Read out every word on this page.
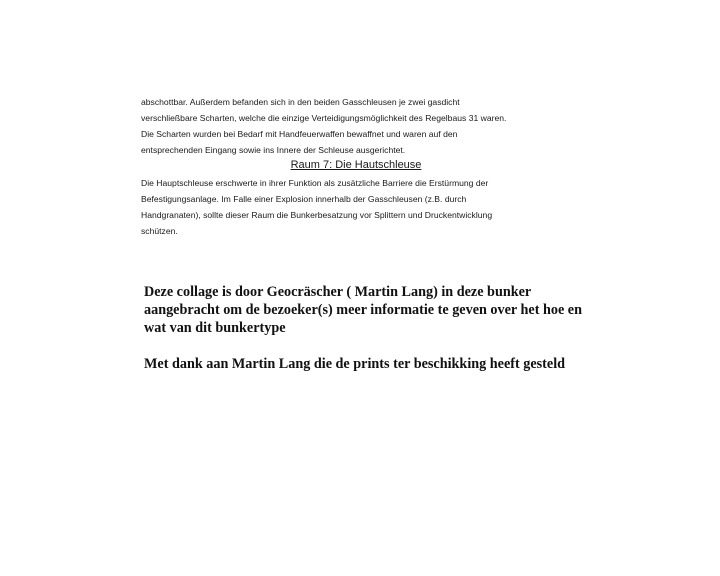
abschottbar. Außerdem befanden sich in den beiden Gasschleusen je zwei gasdicht

verschließbare Scharten, welche die einzige Verteidigungsmöglichkeit des Regelbaus 31 waren.

Die Scharten wurden bei Bedarf mit Handfeuerwaffen bewaffnet und waren auf den

entsprechenden Eingang sowie ins Innere der Schleuse ausgerichtet.

Raum 7: Die Hautschleuse

Die Hauptschleuse erschwerte in ihrer Funktion als zusätzliche Barriere die Erstürmung der

Befestigungsanlage. Im Falle einer Explosion innerhalb der Gasschleusen (z.B. durch

Handgranaten), sollte dieser Raum die Bunkerbesatzung vor Splittern und Druckentwicklung

schützen.

Deze collage is door Geocräscher ( Martin Lang) in deze bunker

aangebracht om de bezoeker(s) meer informatie te geven over het hoe en

wat van dit bunkertype

Met dank aan Martin Lang die de prints ter beschikking heeft gesteld
